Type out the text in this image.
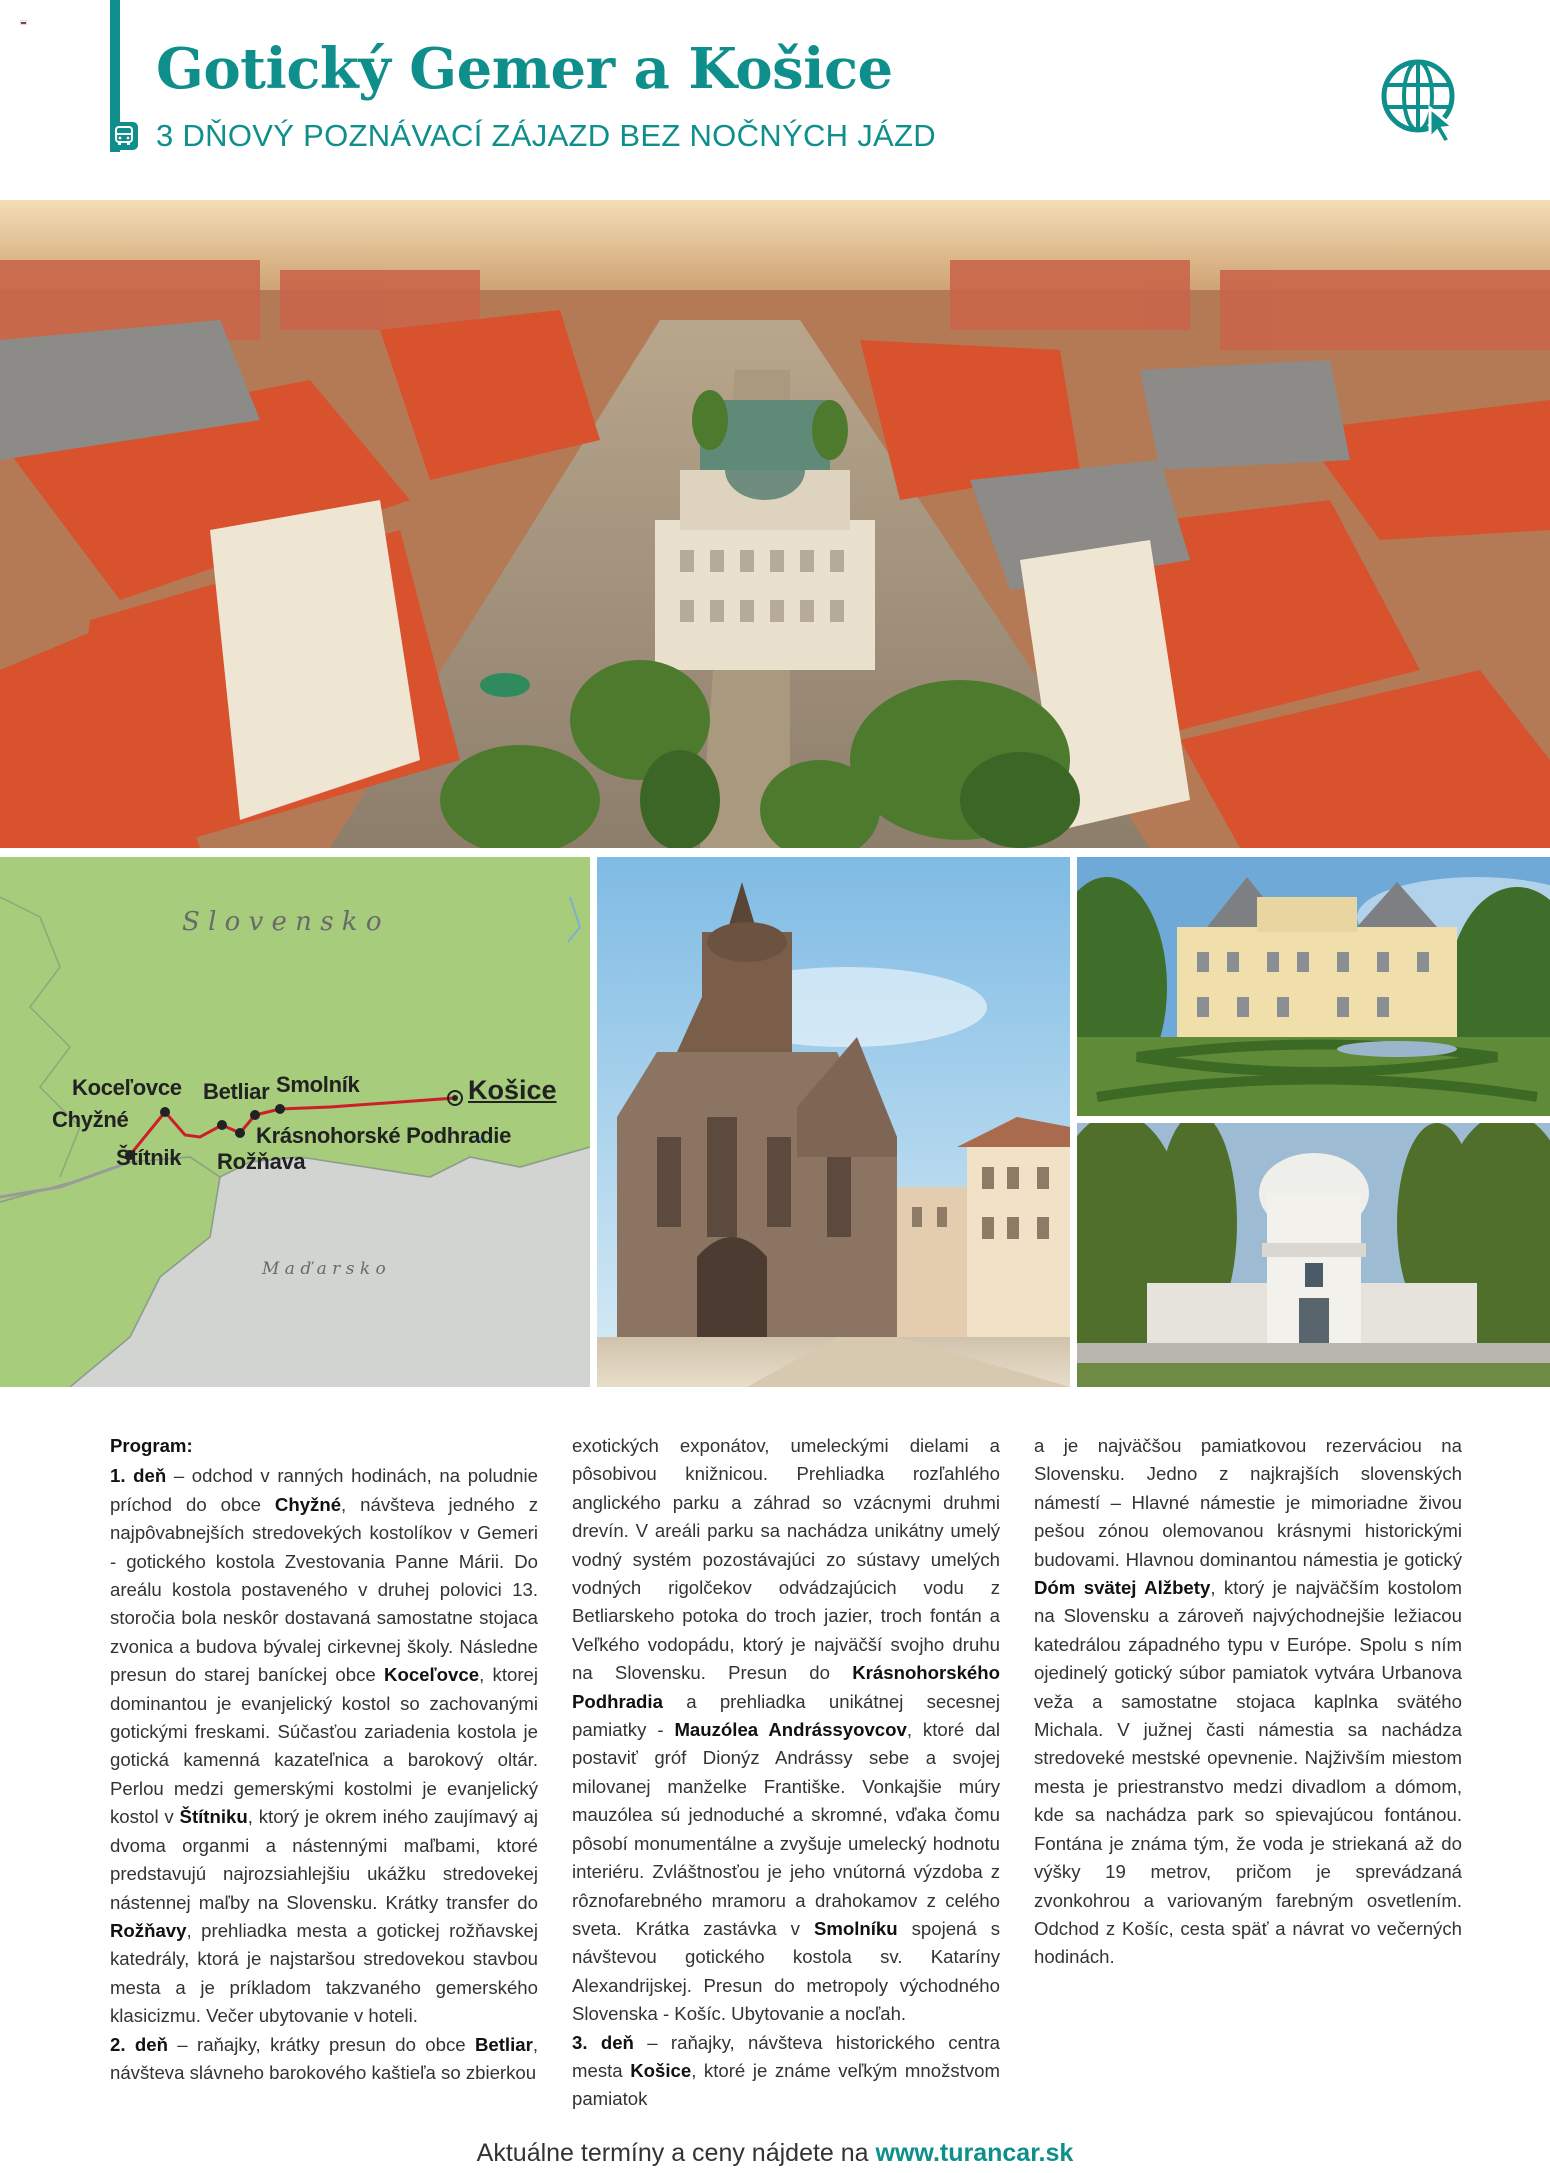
Gotický Gemer a Košice
3 DŇOVÝ POZNÁVACÍ ZÁJAZD BEZ NOČNÝCH JÁZD
S l o v e n s k o
M a ď a r s k o
Koceľovce
Chyžné
Štítnik
Betliar Smolník
Rožňava
Krásnohorské Podhradie
Košice

Program:

1. deň – odchod v ranných hodinách, na poludnie príchod do obce Chyžné, návšteva jedného z najpôvabnejších stredovekých kostolíkov v Gemeri - gotického kostola Zvestovania Panne Márii. Do areálu kostola postaveného v druhej polovici 13. storočia bola neskôr dostavaná samostatne stojaca zvonica a budova bývalej cirkevnej školy. Následne presun do starej baníckej obce Koceľovce, ktorej dominantou je evanjelický kostol so zachovanými gotickými freskami. Súčasťou zariadenia kostola je gotická kamenná kazateľnica a barokový oltár. Perlou medzi gemerskými kostolmi je evanjelický kostol v Štítniku, ktorý je okrem iného zaujímavý aj dvoma organmi a nástennými maľbami, ktoré predstavujú najrozsiahlejšiu ukážku stredovekej nástennej maľby na Slovensku. Krátky transfer do Rožňavy, prehliadka mesta a gotickej rožňavskej katedrály, ktorá je najstaršou stredovekou stavbou mesta a je príkladom takzvaného gemerského klasicizmu. Večer ubytovanie v hoteli.

2. deň – raňajky, krátky presun do obce Betliar, návšteva slávneho barokového kaštieľa so zbierkou

exotických exponátov, umeleckými dielami a pôsobivou knižnicou. Prehliadka rozľahlého anglického parku a záhrad so vzácnymi druhmi drevín. V areáli parku sa nachádza unikátny umelý vodný systém pozostávajúci zo sústavy umelých vodných rigolčekov odvádzajúcich vodu z Betliarskeho potoka do troch jazier, troch fontán a Veľkého vodopádu, ktorý je najväčší svojho druhu na Slovensku. Presun do Krásnohorského Podhradia a prehliadka unikátnej secesnej pamiatky - Mauzólea Andrássyovcov, ktoré dal postaviť gróf Dionýz Andrássy sebe a svojej milovanej manželke Františke. Vonkajšie múry mauzólea sú jednoduché a skromné, vďaka čomu pôsobí monumentálne a zvyšuje umelecký hodnotu interiéru. Zvláštnosťou je jeho vnútorná výzdoba z rôznofarebného mramoru a drahokamov z celého sveta. Krátka zastávka v Smolníku spojená s návštevou gotického kostola sv. Kataríny Alexandrijskej. Presun do metropoly východného Slovenska - Košíc. Ubytovanie a nocľah.

3. deň – raňajky, návšteva historického centra mesta Košice, ktoré je známe veľkým množstvom pamiatok

a je najväčšou pamiatkovou rezerváciou na Slovensku. Jedno z najkrajších slovenských námestí – Hlavné námestie je mimoriadne živou pešou zónou olemovanou krásnymi historickými budovami. Hlavnou dominantou námestia je gotický Dóm svätej Alžbety, ktorý je najväčším kostolom na Slovensku a zároveň najvýchodnejšie ležiacou katedrálou západného typu v Európe. Spolu s ním ojedinelý gotický súbor pamiatok vytvára Urbanova veža a samostatne stojaca kaplnka svätého Michala. V južnej časti námestia sa nachádza stredoveké mestské opevnenie. Najživším miestom mesta je priestranstvo medzi divadlom a dómom, kde sa nachádza park so spievajúcou fontánou. Fontána je známa tým, že voda je striekaná až do výšky 19 metrov, pričom je sprevádzaná zvonkohrou a variovaným farebným osvetlením. Odchod z Košíc, cesta späť a návrat vo večerných hodinách.

Aktuálne termíny a ceny nájdete na www.turancar.sk
